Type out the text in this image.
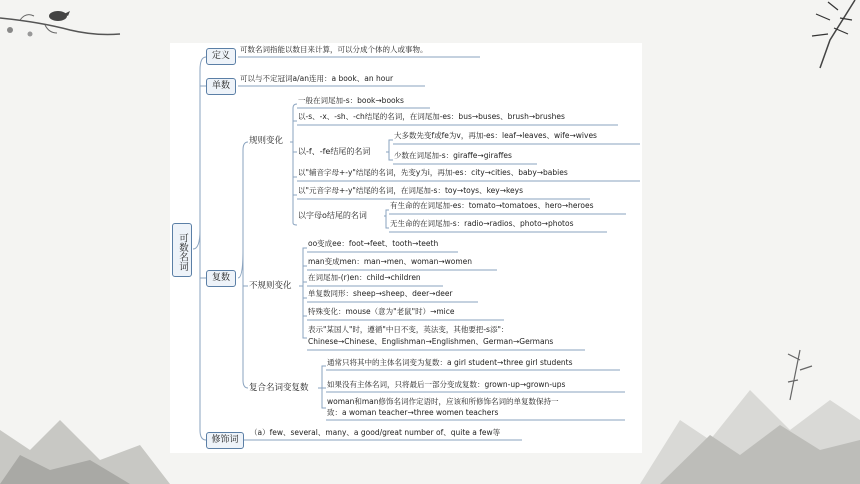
可数名词
定义
可数名词指能以数目来计算，可以分成个体的人或事物。
单数
可以与不定冠词a/an连用：a book、an hour
复数
规则变化
一般在词尾加-s：book→books
以-s、-x、-sh、-ch结尾的名词，在词尾加-es：bus→buses、brush→brushes
以-f、-fe结尾的名词
大多数先变f或fe为v，再加-es：leaf→leaves、wife→wives
少数在词尾加-s：giraffe→giraffes
以"辅音字母+-y"结尾的名词，先变y为i，再加-es：city→cities、baby→babies
以"元音字母+-y"结尾的名词，在词尾加-s：toy→toys、key→keys
以字母o结尾的名词
有生命的在词尾加-es：tomato→tomatoes、hero→heroes
无生命的在词尾加-s：radio→radios、photo→photos
不规则变化
oo变成ee：foot→feet、tooth→teeth
man变成men：man→men、woman→women
在词尾加-(r)en：child→children
单复数同形：sheep→sheep、deer→deer
特殊变化：mouse（意为"老鼠"时）→mice
表示"某国人"时，遵循"中日不变，英法变，其他要把-s添"：
Chinese→Chinese、Englishman→Englishmen、German→Germans
复合名词变复数
通常只将其中的主体名词变为复数：a girl student→three girl students
如果没有主体名词，只将最后一部分变成复数：grown-up→grown-ups
woman和man修饰名词作定语时，应该和所修饰名词的单复数保持一
致：a woman teacher→three women teachers
修饰词
（a）few、several、many、a good/great number of、quite a few等
